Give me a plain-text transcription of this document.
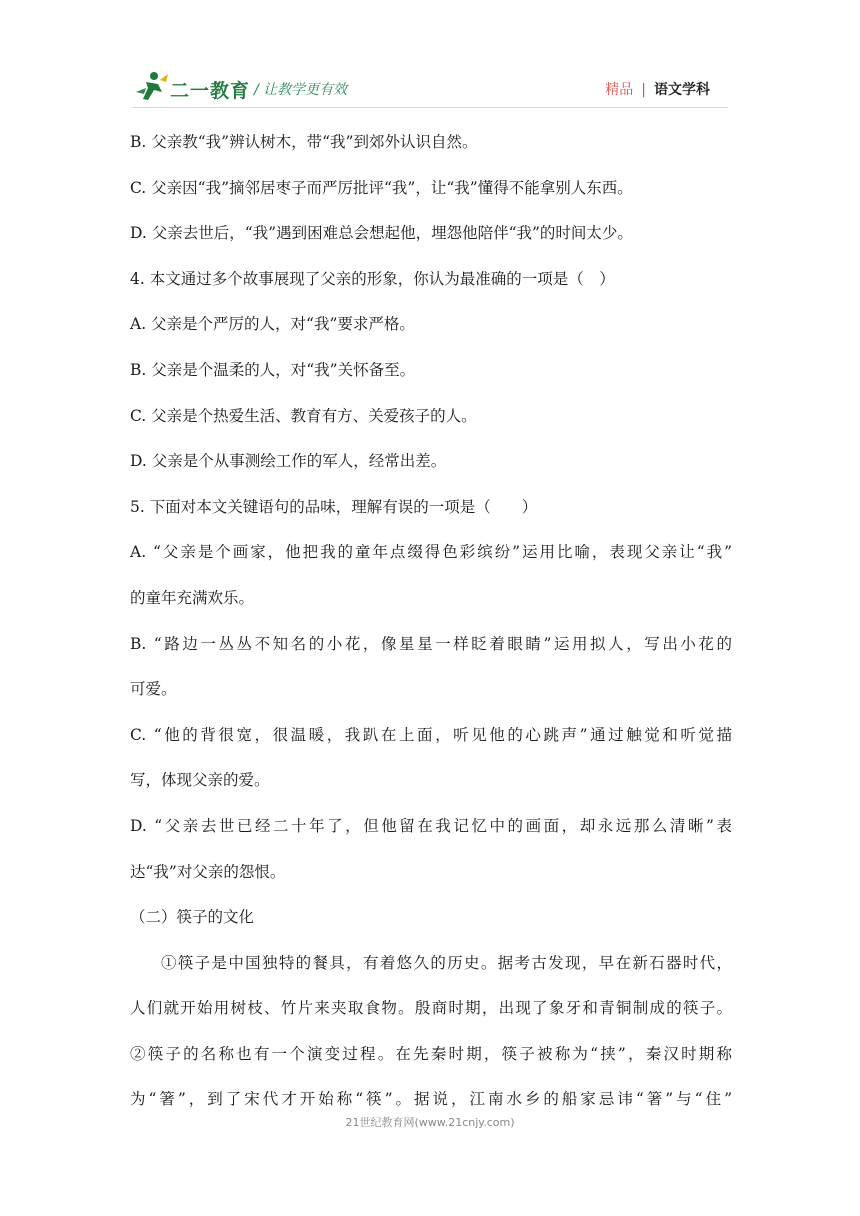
二一教育 / 让教学更有效	精品 | 语文学科
B. 父亲教“我”辨认树木，带“我”到郊外认识自然。
C. 父亲因“我”摘邻居枣子而严厉批评“我”，让“我”懂得不能拿别人东西。
D. 父亲去世后，“我”遇到困难总会想起他，埋怨他陪伴“我”的时间太少。
4. 本文通过多个故事展现了父亲的形象，你认为最准确的一项是（　）
A. 父亲是个严厉的人，对“我”要求严格。
B. 父亲是个温柔的人，对“我”关怀备至。
C. 父亲是个热爱生活、教育有方、关爱孩子的人。
D. 父亲是个从事测绘工作的军人，经常出差。
5. 下面对本文关键语句的品味，理解有误的一项是（　　）
A. “父亲是个画家，他把我的童年点缀得色彩缤纷”运用比喻，表现父亲让“我”
的童年充满欢乐。
B. “路边一丛丛不知名的小花，像星星一样眨着眼睛”运用拟人，写出小花的
可爱。
C. “他的背很宽，很温暖，我趴在上面，听见他的心跳声”通过触觉和听觉描
写，体现父亲的爱。
D. “父亲去世已经二十年了，但他留在我记忆中的画面，却永远那么清晰”表
达“我”对父亲的怨恨。
（二）筷子的文化
①筷子是中国独特的餐具，有着悠久的历史。据考古发现，早在新石器时代，
人们就开始用树枝、竹片来夹取食物。殷商时期，出现了象牙和青铜制成的筷子。
②筷子的名称也有一个演变过程。在先秦时期，筷子被称为“挟”，秦汉时期称
为“箸”，到了宋代才开始称“筷”。据说，江南水乡的船家忌讳“箸”与“住”
21世纪教育网(www.21cnjy.com)
